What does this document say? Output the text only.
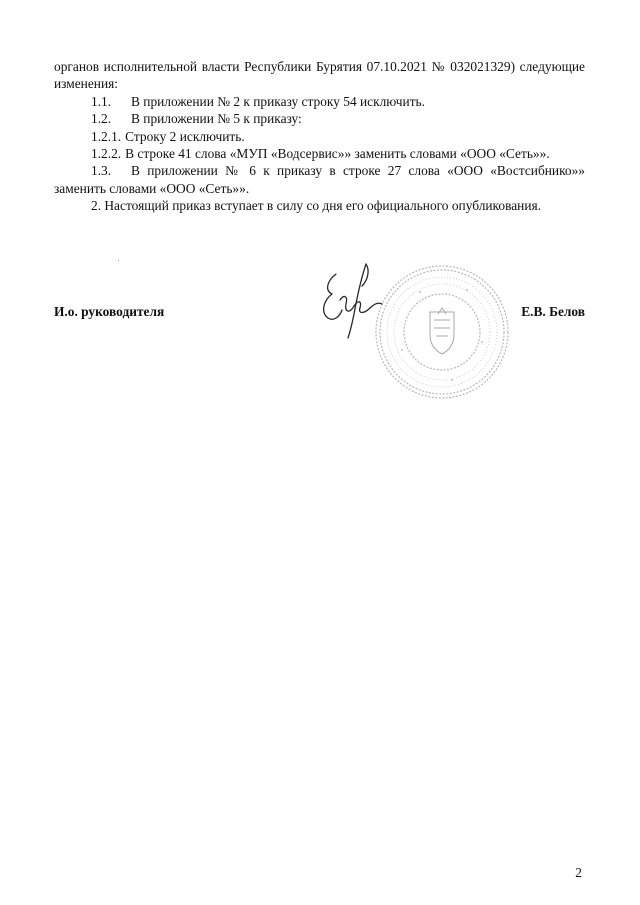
органов исполнительной власти Республики Бурятия 07.10.2021 № 032021329) следующие изменения:

1.1. В приложении № 2 к приказу строку 54 исключить.

1.2. В приложении № 5 к приказу:

1.2.1. Строку 2 исключить.

1.2.2. В строке 41 слова «МУП «Водсервис»» заменить словами «ООО «Сеть»».

1.3. В приложении № 6 к приказу в строке 27 слова «ООО «Востсибнико»» заменить словами «ООО «Сеть»».

2. Настоящий приказ вступает в силу со дня его официального опубликования.

И.о. руководителя	Е.В. Белов
2
